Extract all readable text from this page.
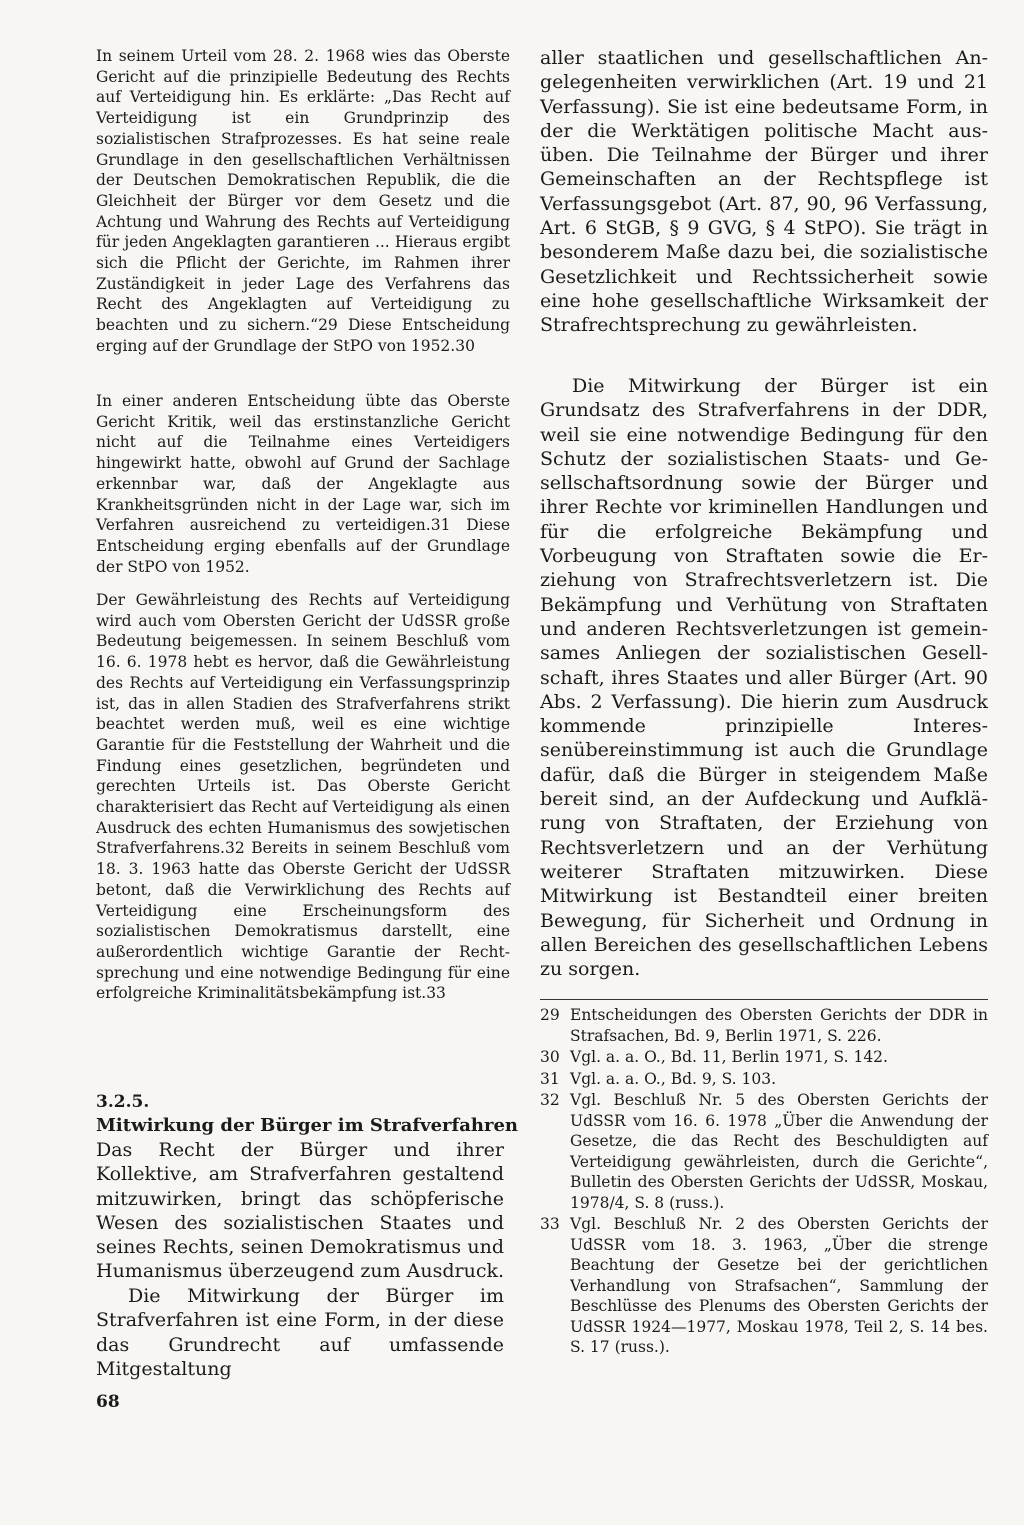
In seinem Urteil vom 28. 2. 1968 wies das Oberste Gericht auf die prinzipielle Bedeutung des Rechts auf Verteidigung hin. Es erklärte: „Das Recht auf Verteidigung ist ein Grundprinzip des sozialistischen Strafprozesses. Es hat seine reale Grundlage in den gesellschaftlichen Verhältnissen der Deutschen Demokratischen Republik, die die Gleichheit der Bürger vor dem Gesetz und die Achtung und Wahrung des Rechts auf Verteidigung für jeden Angeklagten garantieren ... Hieraus ergibt sich die Pflicht der Gerichte, im Rahmen ihrer Zuständigkeit in jeder Lage des Verfahrens das Recht des Angeklagten auf Verteidigung zu beachten und zu sichern.“29 Diese Entscheidung erging auf der Grundlage der StPO von 1952.30

In einer anderen Entscheidung übte das Oberste Gericht Kritik, weil das erstinstanzliche Gericht nicht auf die Teilnahme eines Verteidigers hingewirkt hatte, obwohl auf Grund der Sachlage erkennbar war, daß der Angeklagte aus Krankheitsgründen nicht in der Lage war, sich im Verfahren ausreichend zu verteidigen.31 Diese Entscheidung erging ebenfalls auf der Grundlage der StPO von 1952.

Der Gewährleistung des Rechts auf Verteidigung wird auch vom Obersten Gericht der UdSSR große Bedeutung beigemessen. In seinem Beschluß vom 16. 6. 1978 hebt es hervor, daß die Gewährleistung des Rechts auf Verteidigung ein Verfassungsprinzip ist, das in allen Stadien des Strafverfahrens strikt beachtet werden muß, weil es eine wichtige Garantie für die Feststellung der Wahrheit und die Findung eines gesetzlichen, begründeten und gerechten Urteils ist. Das Oberste Gericht charakterisiert das Recht auf Verteidigung als einen Ausdruck des echten Humanismus des sowjetischen Strafverfahrens.32 Bereits in seinem Beschluß vom 18. 3. 1963 hatte das Oberste Gericht der UdSSR betont, daß die Verwirklichung des Rechts auf Verteidigung eine Erscheinungsform des sozialistischen Demokratismus darstellt, eine außerordentlich wichtige Garantie der Rechtsprechung und eine notwendige Bedingung für eine erfolgreiche Kriminalitätsbekämpfung ist.33

3.2.5.

Mitwirkung der Bürger im Strafverfahren

Das Recht der Bürger und ihrer Kollektive, am Strafverfahren gestaltend mitzuwirken, bringt das schöpferische Wesen des sozialistischen Staates und seines Rechts, seinen Demokratismus und Humanismus überzeugend zum Ausdruck.

Die Mitwirkung der Bürger im Strafverfahren ist eine Form, in der diese das Grundrecht auf umfassende Mitgestaltung

aller staatlichen und gesellschaftlichen Angelegenheiten verwirklichen (Art. 19 und 21 Verfassung). Sie ist eine bedeutsame Form, in der die Werktätigen politische Macht ausüben. Die Teilnahme der Bürger und ihrer Gemeinschaften an der Rechtspflege ist Verfassungsgebot (Art. 87, 90, 96 Verfassung, Art. 6 StGB, § 9 GVG, § 4 StPO). Sie trägt in besonderem Maße dazu bei, die sozialistische Gesetzlichkeit und Rechtssicherheit sowie eine hohe gesellschaftliche Wirksamkeit der Strafrechtsprechung zu gewährleisten.

Die Mitwirkung der Bürger ist ein Grundsatz des Strafverfahrens in der DDR, weil sie eine notwendige Bedingung für den Schutz der sozialistischen Staats- und Gesellschaftsordnung sowie der Bürger und ihrer Rechte vor kriminellen Handlungen und für die erfolgreiche Bekämpfung und Vorbeugung von Straftaten sowie die Erziehung von Strafrechtsverletzern ist. Die Bekämpfung und Verhütung von Straftaten und anderen Rechtsverletzungen ist gemeinsames Anliegen der sozialistischen Gesellschaft, ihres Staates und aller Bürger (Art. 90 Abs. 2 Verfassung). Die hierin zum Ausdruck kommende prinzipielle Interessenübereinstimmung ist auch die Grundlage dafür, daß die Bürger in steigendem Maße bereit sind, an der Aufdeckung und Aufklärung von Straftaten, der Erziehung von Rechtsverletzern und an der Verhütung weiterer Straftaten mitzuwirken. Diese Mitwirkung ist Bestandteil einer breiten Bewegung, für Sicherheit und Ordnung in allen Bereichen des gesellschaftlichen Lebens zu sorgen.

29 Entscheidungen des Obersten Gerichts der DDR in Strafsachen, Bd. 9, Berlin 1971, S. 226.
30 Vgl. a. a. O., Bd. 11, Berlin 1971, S. 142.
31 Vgl. a. a. O., Bd. 9, S. 103.
32 Vgl. Beschluß Nr. 5 des Obersten Gerichts der UdSSR vom 16. 6. 1978 „Über die Anwendung der Gesetze, die das Recht des Beschuldigten auf Verteidigung gewährleisten, durch die Gerichte“, Bulletin des Obersten Gerichts der UdSSR, Moskau, 1978/4, S. 8 (russ.).
33 Vgl. Beschluß Nr. 2 des Obersten Gerichts der UdSSR vom 18. 3. 1963, „Über die strenge Beachtung der Gesetze bei der gerichtlichen Verhandlung von Strafsachen“, Sammlung der Beschlüsse des Plenums des Obersten Gerichts der UdSSR 1924—1977, Moskau 1978, Teil 2, S. 14 bes. S. 17 (russ.).

68
